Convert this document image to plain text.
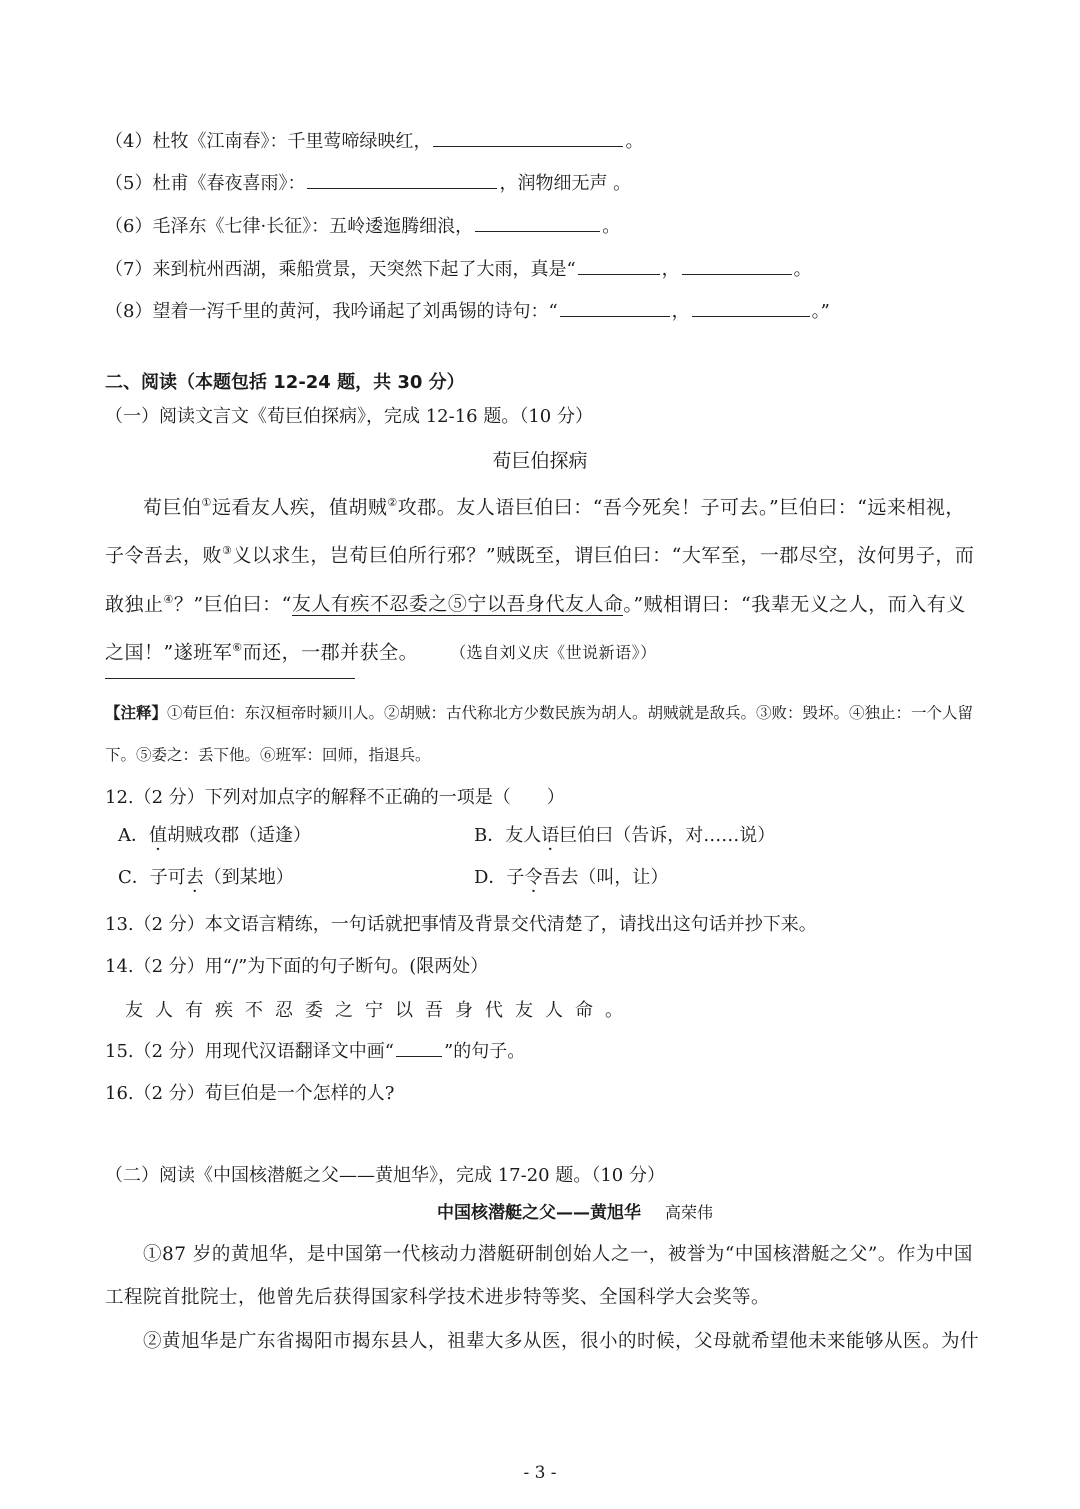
（4）杜牧《江南春》：千里莺啼绿映红，	。
（5）杜甫《春夜喜雨》：	，润物细无声 。
（6）毛泽东《七律·长征》：五岭逶迤腾细浪，	。
（7）来到杭州西湖，乘船赏景，天突然下起了大雨，真是“	，	。
（8）望着一泻千里的黄河，我吟诵起了刘禹锡的诗句：“	，	。”
二、阅读（本题包括 12-24 题，共 30 分）
（一）阅读文言文《荀巨伯探病》，完成 12-16 题。（10 分）
荀巨伯探病
荀巨伯①远看友人疾，值胡贼②攻郡。友人语巨伯曰：“吾今死矣！子可去。”巨伯曰：“远来相视，子令吾去，败③义以求生，岂荀巨伯所行邪？”贼既至，谓巨伯曰：“大军至，一郡尽空，汝何男子，而敢独止④？”巨伯曰：“友人有疾不忍委之⑤宁以吾身代友人命。”贼相谓曰：“我辈无义之人，而入有义之国！”遂班军⑥而还，一郡并获全。	（选自刘义庆《世说新语》）
【注释】①荀巨伯：东汉桓帝时颍川人。②胡贼：古代称北方少数民族为胡人。胡贼就是敌兵。③败：毁坏。④独止：一个人留下。⑤委之：丢下他。⑥班军：回师，指退兵。
12.（2 分）下列对加点字的解释不正确的一项是（　　）
A．值胡贼攻郡（适逢）	B．友人语巨伯曰（告诉，对……说）
C．子可去（到某地）	D．子令吾去（叫，让）
13.（2 分）本文语言精练，一句话就把事情及背景交代清楚了，请找出这句话并抄下来。
14.（2 分）用“/”为下面的句子断句。(限两处）
友人有疾不忍委之宁以吾身代友人命。
15.（2 分）用现代汉语翻译文中画“	”的句子。
16.（2 分）荀巨伯是一个怎样的人?
（二）阅读《中国核潜艇之父——黄旭华》，完成 17-20 题。（10 分）
中国核潜艇之父——黄旭华 高荣伟
①87 岁的黄旭华，是中国第一代核动力潜艇研制创始人之一，被誉为“中国核潜艇之父”。作为中国工程院首批院士，他曾先后获得国家科学技术进步特等奖、全国科学大会奖等。
②黄旭华是广东省揭阳市揭东县人，祖辈大多从医，很小的时候，父母就希望他未来能够从医。为什
- 3 -
